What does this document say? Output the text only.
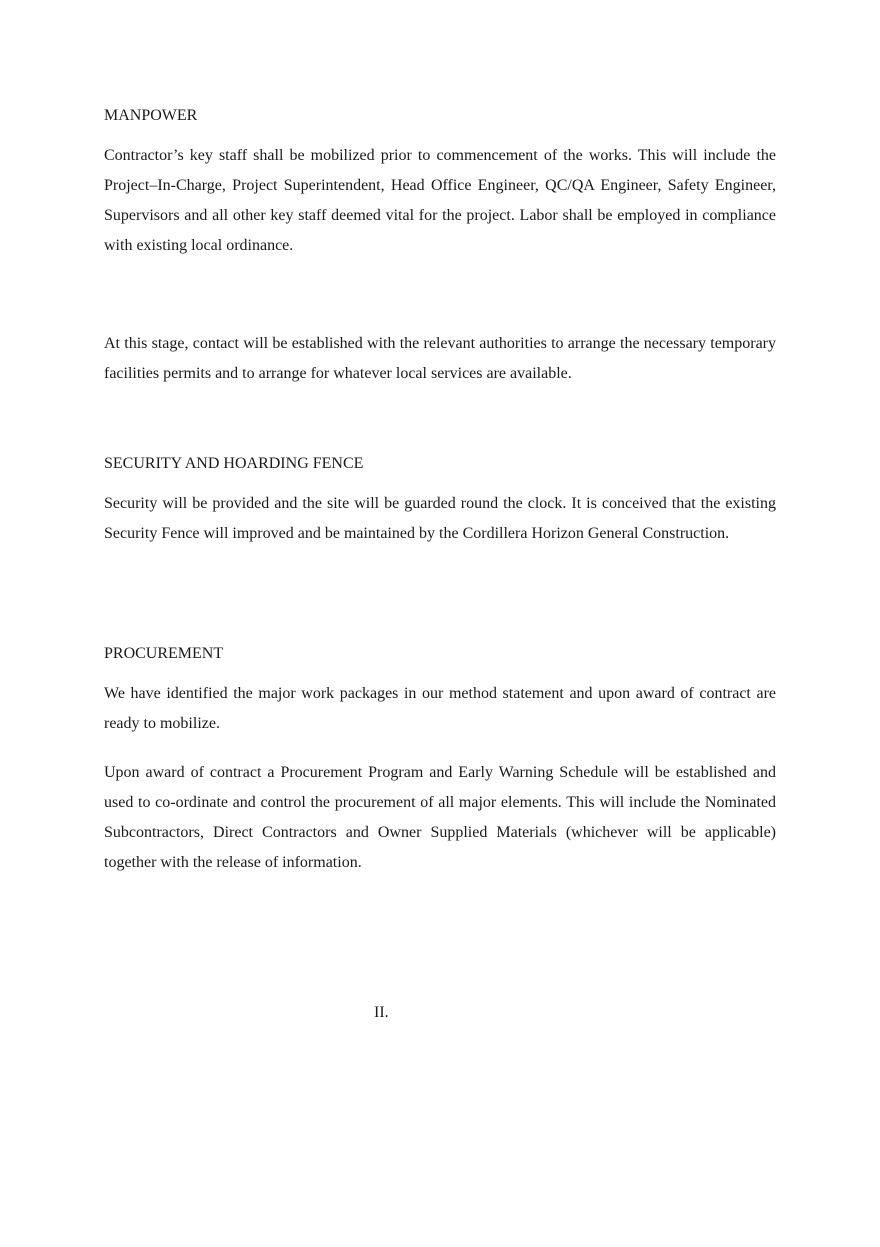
MANPOWER

Contractor’s key staff shall be mobilized prior to commencement of the works. This will include the Project–In-Charge, Project Superintendent, Head Office Engineer, QC/QA Engineer, Safety Engineer, Supervisors and all other key staff deemed vital for the project. Labor shall be employed in compliance with existing local ordinance.

At this stage, contact will be established with the relevant authorities to arrange the necessary temporary facilities permits and to arrange for whatever local services are available.

SECURITY AND HOARDING FENCE

Security will be provided and the site will be guarded round the clock. It is conceived that the existing Security Fence will improved and be maintained by the Cordillera Horizon General Construction.

PROCUREMENT

We have identified the major work packages in our method statement and upon award of contract are ready to mobilize.

Upon award of contract a Procurement Program and Early Warning Schedule will be established and used to co-ordinate and control the procurement of all major elements. This will include the Nominated Subcontractors, Direct Contractors and Owner Supplied Materials (whichever will be applicable) together with the release of information.

II.
